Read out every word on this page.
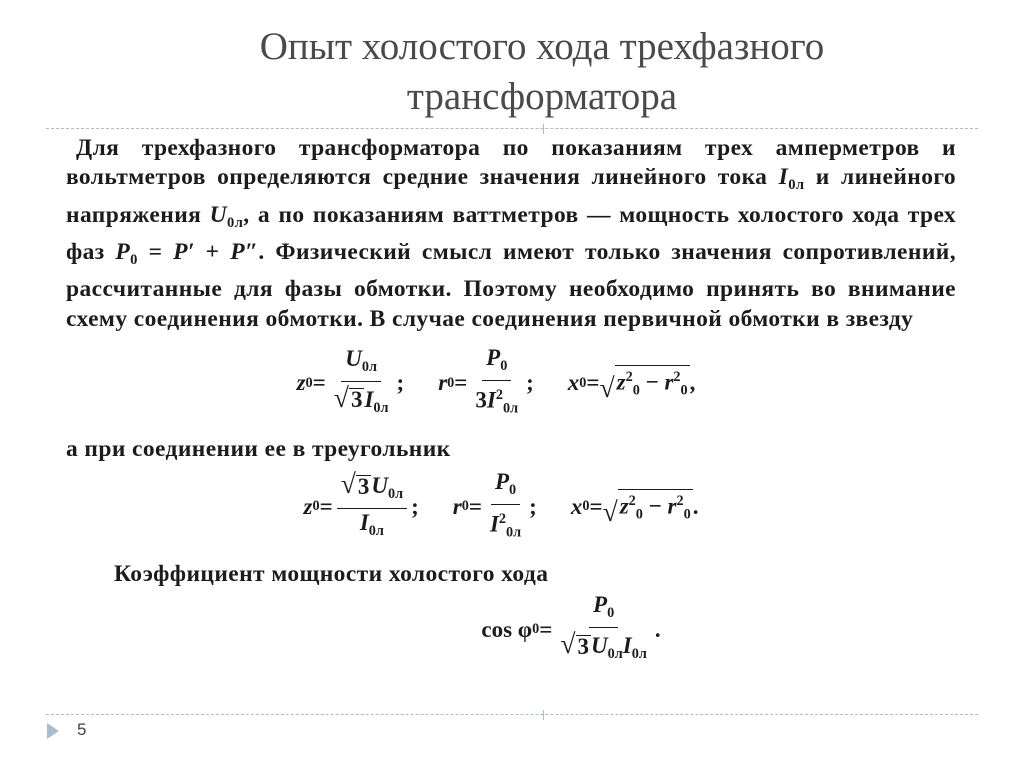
Опыт холостого хода трехфазного
трансформатора

Для трехфазного трансформатора по показаниям трех амперметров и вольтметров определяются средние значения линейного тока $I_{0л}$ и линейного напряжения $U_{0л}$, а по показаниям ваттметров — мощность холостого хода трех фаз $P_0 = P' + P''$. Физический смысл имеют только значения сопротивлений, рассчитанные для фазы обмотки. Поэтому необходимо принять во внимание схему соединения обмотки. В случае соединения первичной обмотки в звезду

z $0 = \frac{U_{0л}}{√ 3 I_{0л}}$ ; r $0 = \frac{P_0}{3I^2_{0л}}$ ; x 0 = √ $z^2_0 - r^2_0$ ,
а при соединении ее в треугольник
z $0 = \frac{√ 3 U_{0л}}{I_{0л}}$ ; r $0 = \frac{P_0}{I^2_{0л}}$ ; x 0 = √ $z^2_0 - r^2_0$ .
Коэффициент мощности холостого хода
cos φ $0 = \frac{P_0}{√ 3 U_{0л}I_{0л}}$ .
5
